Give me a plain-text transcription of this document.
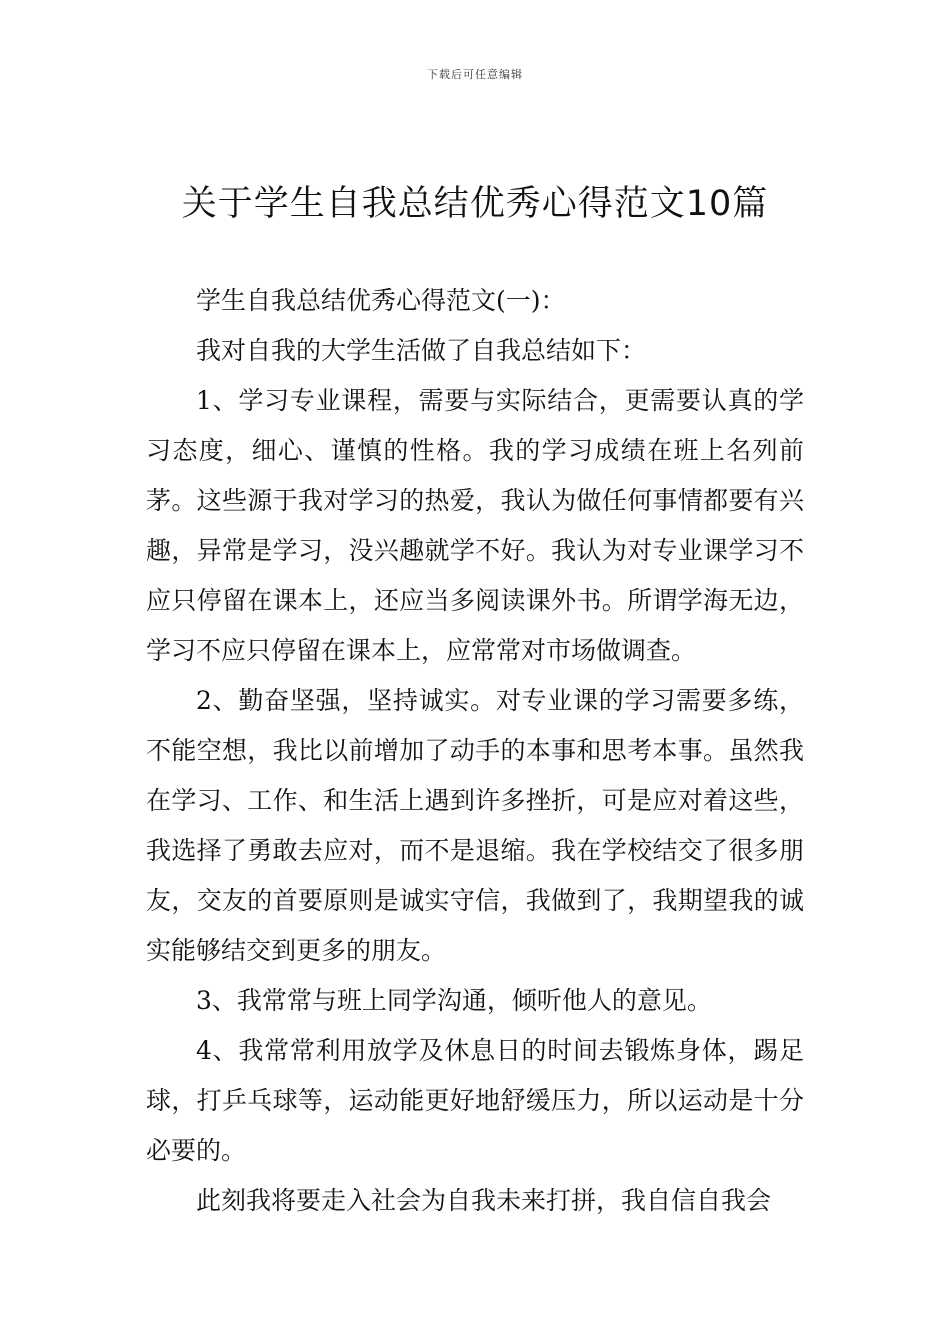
下载后可任意编辑
关于学生自我总结优秀心得范文10篇

学生自我总结优秀心得范文(一)：

我对自我的大学生活做了自我总结如下：

1、学习专业课程，需要与实际结合，更需要认真的学习态度，细心、谨慎的性格。我的学习成绩在班上名列前茅。这些源于我对学习的热爱，我认为做任何事情都要有兴趣，异常是学习，没兴趣就学不好。我认为对专业课学习不应只停留在课本上，还应当多阅读课外书。所谓学海无边，学习不应只停留在课本上，应常常对市场做调查。

2、勤奋坚强，坚持诚实。对专业课的学习需要多练，不能空想，我比以前增加了动手的本事和思考本事。虽然我在学习、工作、和生活上遇到许多挫折，可是应对着这些，我选择了勇敢去应对，而不是退缩。我在学校结交了很多朋友，交友的首要原则是诚实守信，我做到了，我期望我的诚实能够结交到更多的朋友。

3、我常常与班上同学沟通，倾听他人的意见。

4、我常常利用放学及休息日的时间去锻炼身体，踢足球，打乒乓球等，运动能更好地舒缓压力，所以运动是十分必要的。

此刻我将要走入社会为自我未来打拼，我自信自我会
